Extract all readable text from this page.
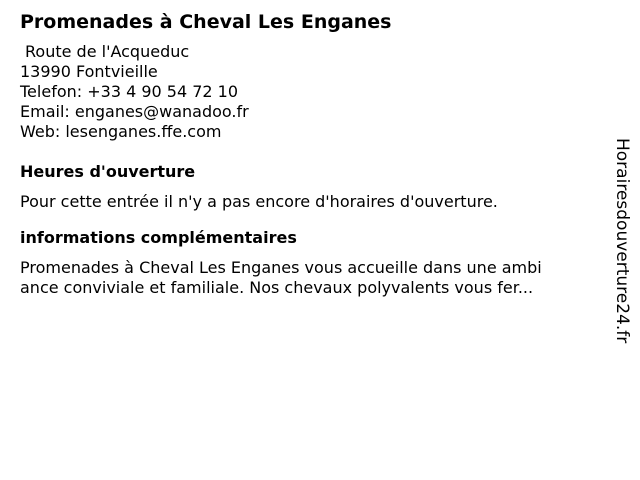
Promenades à Cheval Les Enganes
Route de l'Acqueduc
13990 Fontvieille
Telefon: +33 4 90 54 72 10
Email: enganes@wanadoo.fr
Web: lesenganes.ffe.com
Heures d'ouverture
Pour cette entrée il n'y a pas encore d'horaires d'ouverture.
informations complémentaires
Promenades à Cheval Les Enganes vous accueille dans une ambi
ance conviviale et familiale. Nos chevaux polyvalents vous fer...	Horairesdouverture24.fr
